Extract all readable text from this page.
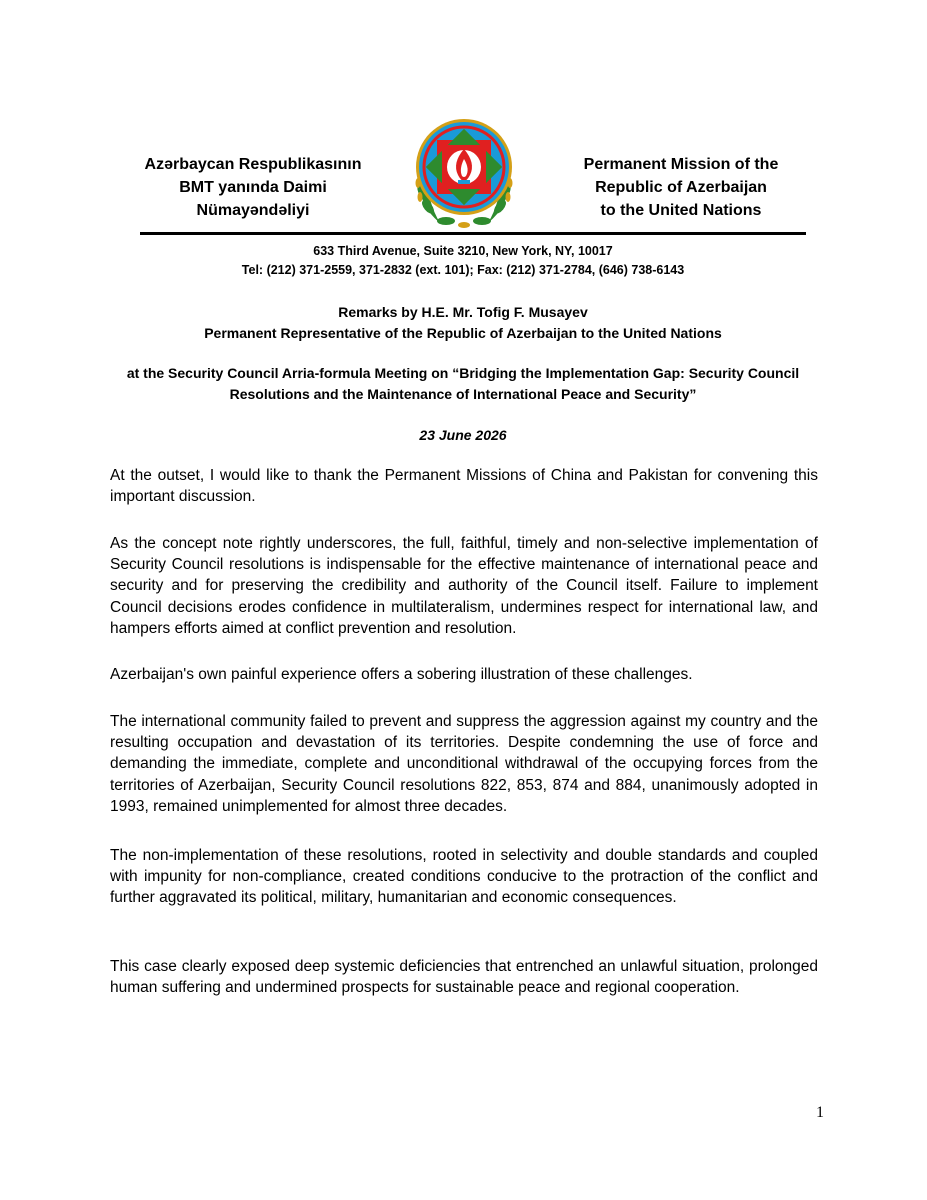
Azərbaycan Respublikasının
BMT yanında Daimi
Nümayəndəliyi
Permanent Mission of the
Republic of Azerbaijan
to the United Nations
633 Third Avenue, Suite 3210, New York, NY, 10017
Tel: (212) 371-2559, 371-2832 (ext. 101); Fax: (212) 371-2784, (646) 738-6143
Remarks by H.E. Mr. Tofig F. Musayev
Permanent Representative of the Republic of Azerbaijan to the United Nations
at the Security Council Arria-formula Meeting on “Bridging the Implementation Gap: Security Council
Resolutions and the Maintenance of International Peace and Security”
23 June 2026
At the outset, I would like to thank the Permanent Missions of China and Pakistan for convening this important discussion.
As the concept note rightly underscores, the full, faithful, timely and non-selective implementation of Security Council resolutions is indispensable for the effective maintenance of international peace and security and for preserving the credibility and authority of the Council itself. Failure to implement Council decisions erodes confidence in multilateralism, undermines respect for international law, and hampers efforts aimed at conflict prevention and resolution.
Azerbaijan's own painful experience offers a sobering illustration of these challenges.
The international community failed to prevent and suppress the aggression against my country and the resulting occupation and devastation of its territories. Despite condemning the use of force and demanding the immediate, complete and unconditional withdrawal of the occupying forces from the territories of Azerbaijan, Security Council resolutions 822, 853, 874 and 884, unanimously adopted in 1993, remained unimplemented for almost three decades.
The non-implementation of these resolutions, rooted in selectivity and double standards and coupled with impunity for non-compliance, created conditions conducive to the protraction of the conflict and further aggravated its political, military, humanitarian and economic consequences.
This case clearly exposed deep systemic deficiencies that entrenched an unlawful situation, prolonged human suffering and undermined prospects for sustainable peace and regional cooperation.
1
